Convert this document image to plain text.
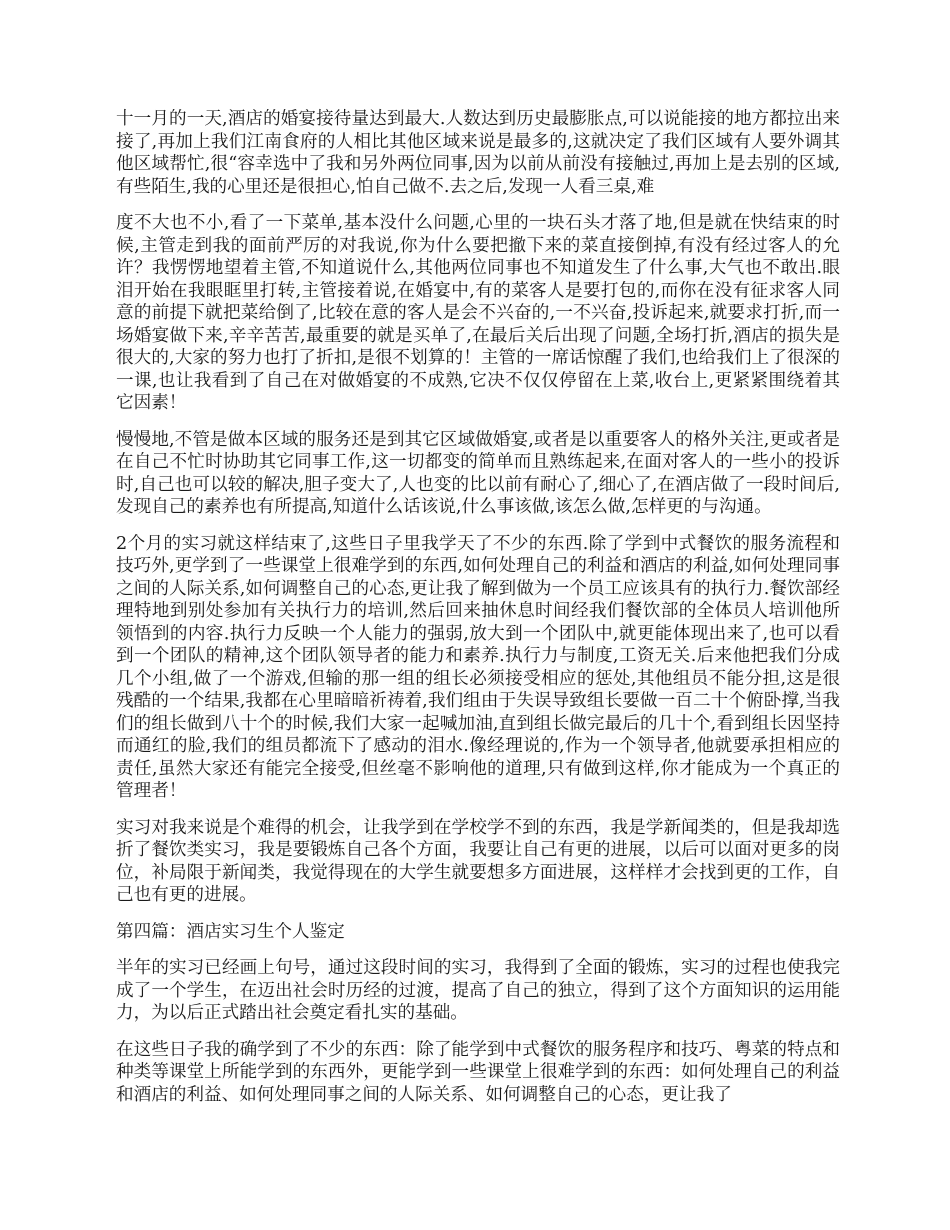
十一月的一天,酒店的婚宴接待量达到最大.人数达到历史最膨胀点,可以说能接的地方都拉出来接了,再加上我们江南食府的人相比其他区域来说是最多的,这就决定了我们区域有人要外调其他区域帮忙,很“容幸选中了我和另外两位同事,因为以前从前没有接触过,再加上是去别的区域,有些陌生,我的心里还是很担心,怕自己做不.去之后,发现一人看三桌,难

度不大也不小,看了一下菜单,基本没什么问题,心里的一块石头才落了地,但是就在快结束的时候,主管走到我的面前严厉的对我说,你为什么要把撤下来的菜直接倒掉,有没有经过客人的允许？我愣愣地望着主管,不知道说什么,其他两位同事也不知道发生了什么事,大气也不敢出.眼泪开始在我眼眶里打转,主管接着说,在婚宴中,有的菜客人是要打包的,而你在没有征求客人同意的前提下就把菜给倒了,比较在意的客人是会不兴奋的,一不兴奋,投诉起来,就要求打折,而一场婚宴做下来,辛辛苦苦,最重要的就是买单了,在最后关后出现了问题,全场打折,酒店的损失是很大的,大家的努力也打了折扣,是很不划算的！主管的一席话惊醒了我们,也给我们上了很深的一课,也让我看到了自己在对做婚宴的不成熟,它决不仅仅停留在上菜,收台上,更紧紧围绕着其它因素！

慢慢地,不管是做本区域的服务还是到其它区域做婚宴,或者是以重要客人的格外关注,更或者是在自己不忙时协助其它同事工作,这一切都变的简单而且熟练起来,在面对客人的一些小的投诉时,自己也可以较的解决,胆子变大了,人也变的比以前有耐心了,细心了,在酒店做了一段时间后,发现自己的素养也有所提高,知道什么话该说,什么事该做,该怎么做,怎样更的与沟通。

2个月的实习就这样结束了,这些日子里我学天了不少的东西.除了学到中式餐饮的服务流程和技巧外,更学到了一些课堂上很难学到的东西,如何处理自己的利益和酒店的利益,如何处理同事之间的人际关系,如何调整自己的心态,更让我了解到做为一个员工应该具有的执行力.餐饮部经理特地到别处参加有关执行力的培训,然后回来抽休息时间经我们餐饮部的全体员人培训他所领悟到的内容.执行力反映一个人能力的强弱,放大到一个团队中,就更能体现出来了,也可以看到一个团队的精神,这个团队领导者的能力和素养.执行力与制度,工资无关.后来他把我们分成几个小组,做了一个游戏,但输的那一组的组长必须接受相应的惩处,其他组员不能分担,这是很残酷的一个结果,我都在心里暗暗祈祷着,我们组由于失误导致组长要做一百二十个俯卧撑,当我们的组长做到八十个的时候,我们大家一起喊加油,直到组长做完最后的几十个,看到组长因坚持而通红的脸,我们的组员都流下了感动的泪水.像经理说的,作为一个领导者,他就要承担相应的责任,虽然大家还有能完全接受,但丝毫不影响他的道理,只有做到这样,你才能成为一个真正的管理者！

实习对我来说是个难得的机会，让我学到在学校学不到的东西，我是学新闻类的，但是我却选折了餐饮类实习，我是要锻炼自己各个方面，我要让自己有更的进展，以后可以面对更多的岗位，补局限于新闻类，我觉得现在的大学生就要想多方面进展，这样样才会找到更的工作，自己也有更的进展。

第四篇：酒店实习生个人鉴定

半年的实习已经画上句号，通过这段时间的实习，我得到了全面的锻炼，实习的过程也使我完成了一个学生，在迈出社会时历经的过渡，提高了自己的独立，得到了这个方面知识的运用能力，为以后正式踏出社会奠定看扎实的基础。

在这些日子我的确学到了不少的东西：除了能学到中式餐饮的服务程序和技巧、粤菜的特点和种类等课堂上所能学到的东西外，更能学到一些课堂上很难学到的东西：如何处理自己的利益和酒店的利益、如何处理同事之间的人际关系、如何调整自己的心态，更让我了
